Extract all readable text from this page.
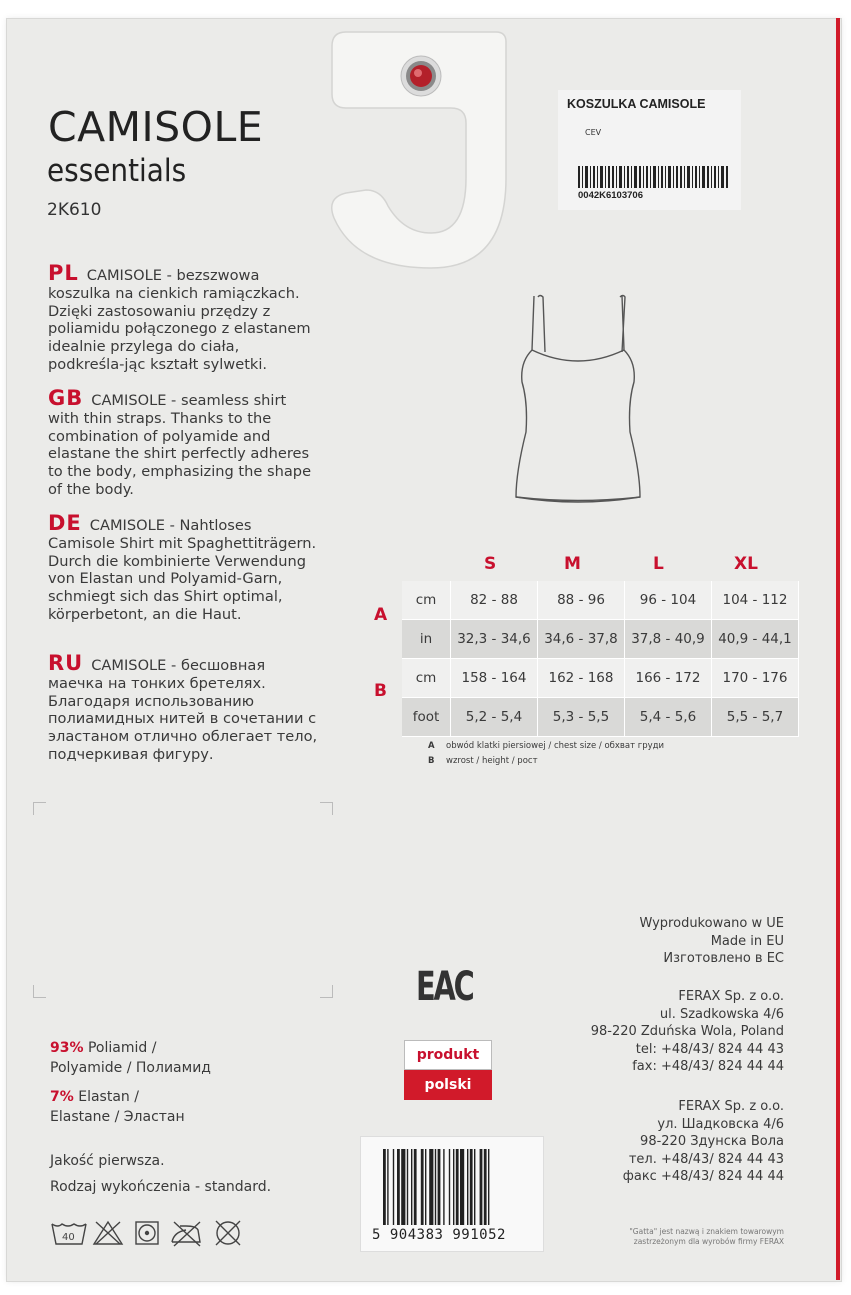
CAMISOLE
essentials
2K610
PL CAMISOLE - bezszwowa koszulka na cienkich ramiączkach. Dzięki zastosowaniu przędzy z poliamidu połączonego z elastanem idealnie przylega do ciała, podkreśla-jąc kształt sylwetki.
GB CAMISOLE - seamless shirt with thin straps. Thanks to the combination of polyamide and elastane the shirt perfectly adheres to the body, emphasizing the shape of the body.
DE CAMISOLE - Nahtloses Camisole Shirt mit Spaghettiträgern. Durch die kombinierte Verwendung von Elastan und Polyamid-Garn, schmiegt sich das Shirt optimal, körperbetont, an die Haut.
RU CAMISOLE - бесшовная маечка на тонких бретелях. Благодаря использованию полиамидных нитей в сочетании с эластаном отлично облегает тело, подчеркивая фигуру.
KOSZULKA CAMISOLE
CEV
0042K6103706
S	M	L	XL
A
B
cm	82 - 88	88 - 96	96 - 104	104 - 112
in	32,3 - 34,6	34,6 - 37,8	37,8 - 40,9	40,9 - 44,1
cm	158 - 164	162 - 168	166 - 172	170 - 176
foot	5,2 - 5,4	5,3 - 5,5	5,4 - 5,6	5,5 - 5,7
A obwód klatki piersiowej / chest size / обхват груди
B wzrost / height / рост
93% Poliamid /
Polyamide / Полиамид
7% Elastan /
Elastane / Эластан
Jakość pierwsza.
Rodzaj wykończenia - standard.
40
EAC
produkt
polski
Wyprodukowano w UE
Made in EU
Изготовлено в ЕС
FERAX Sp. z o.o.
ul. Szadkowska 4/6
98-220 Zduńska Wola, Poland
tel: +48/43/ 824 44 43
fax: +48/43/ 824 44 44
FERAX Sp. z o.o.
ул. Шадковска 4/6
98-220 Здунска Вола
тел. +48/43/ 824 44 43
факс +48/43/ 824 44 44
5 904383 991052	"Gatta" jest nazwą i znakiem towarowym
zastrzeżonym dla wyrobów firmy FERAX
